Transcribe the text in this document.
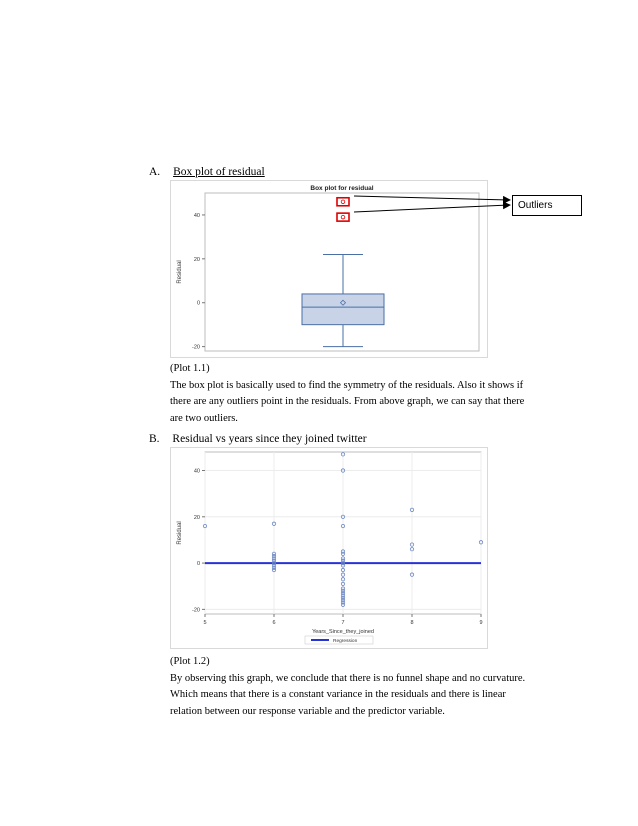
A. Box plot of residual
Box plot for residual
-20
0
20
40
Residual
Outliers
(Plot 1.1)
The box plot is basically used to find the symmetry of the residuals. Also it shows if
there are any outliers point in the residuals. From above graph, we can say that there
are two outliers.
B. Residual vs years since they joined twitter
-20
0
20
40
5	6	7	8	9
Years_Since_they_joined
Residual
Regression
(Plot 1.2)
By observing this graph, we conclude that there is no funnel shape and no curvature.
Which means that there is a constant variance in the residuals and there is linear
relation between our response variable and the predictor variable.
